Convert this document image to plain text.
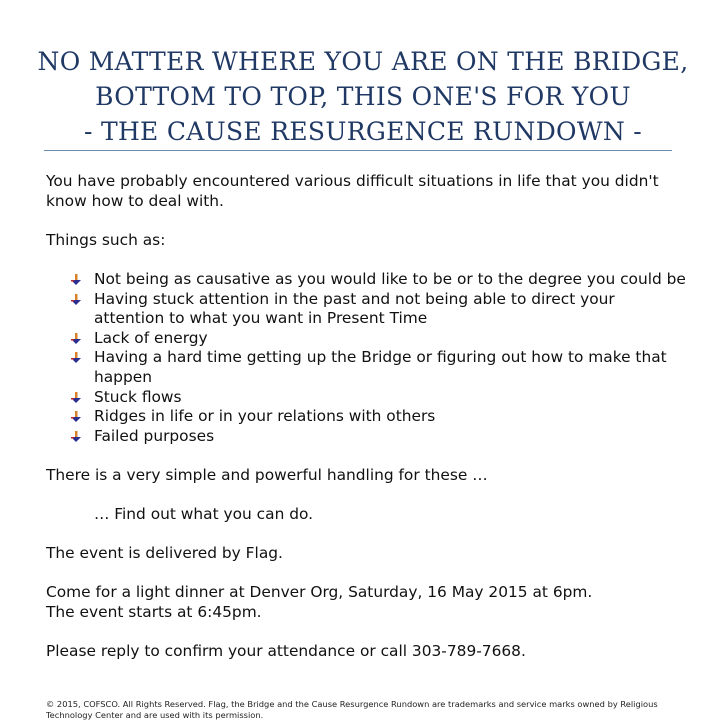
NO MATTER WHERE YOU ARE ON THE BRIDGE,
BOTTOM TO TOP, THIS ONE'S FOR YOU
- THE CAUSE RESURGENCE RUNDOWN -

You have probably encountered various difficult situations in life that you didn't know how to deal with.

Things such as:

Not being as causative as you would like to be or to the degree you could be
Having stuck attention in the past and not being able to direct your attention to what you want in Present Time
Lack of energy
Having a hard time getting up the Bridge or figuring out how to make that happen
Stuck flows
Ridges in life or in your relations with others
Failed purposes

There is a very simple and powerful handling for these …

… Find out what you can do.

The event is delivered by Flag.

Come for a light dinner at Denver Org, Saturday, 16 May 2015 at 6pm.

The event starts at 6:45pm.

Please reply to confirm your attendance or call 303-789-7668.

© 2015, COFSCO. All Rights Reserved. Flag, the Bridge and the Cause Resurgence Rundown are trademarks and service marks owned by Religious Technology Center and are used with its permission.
